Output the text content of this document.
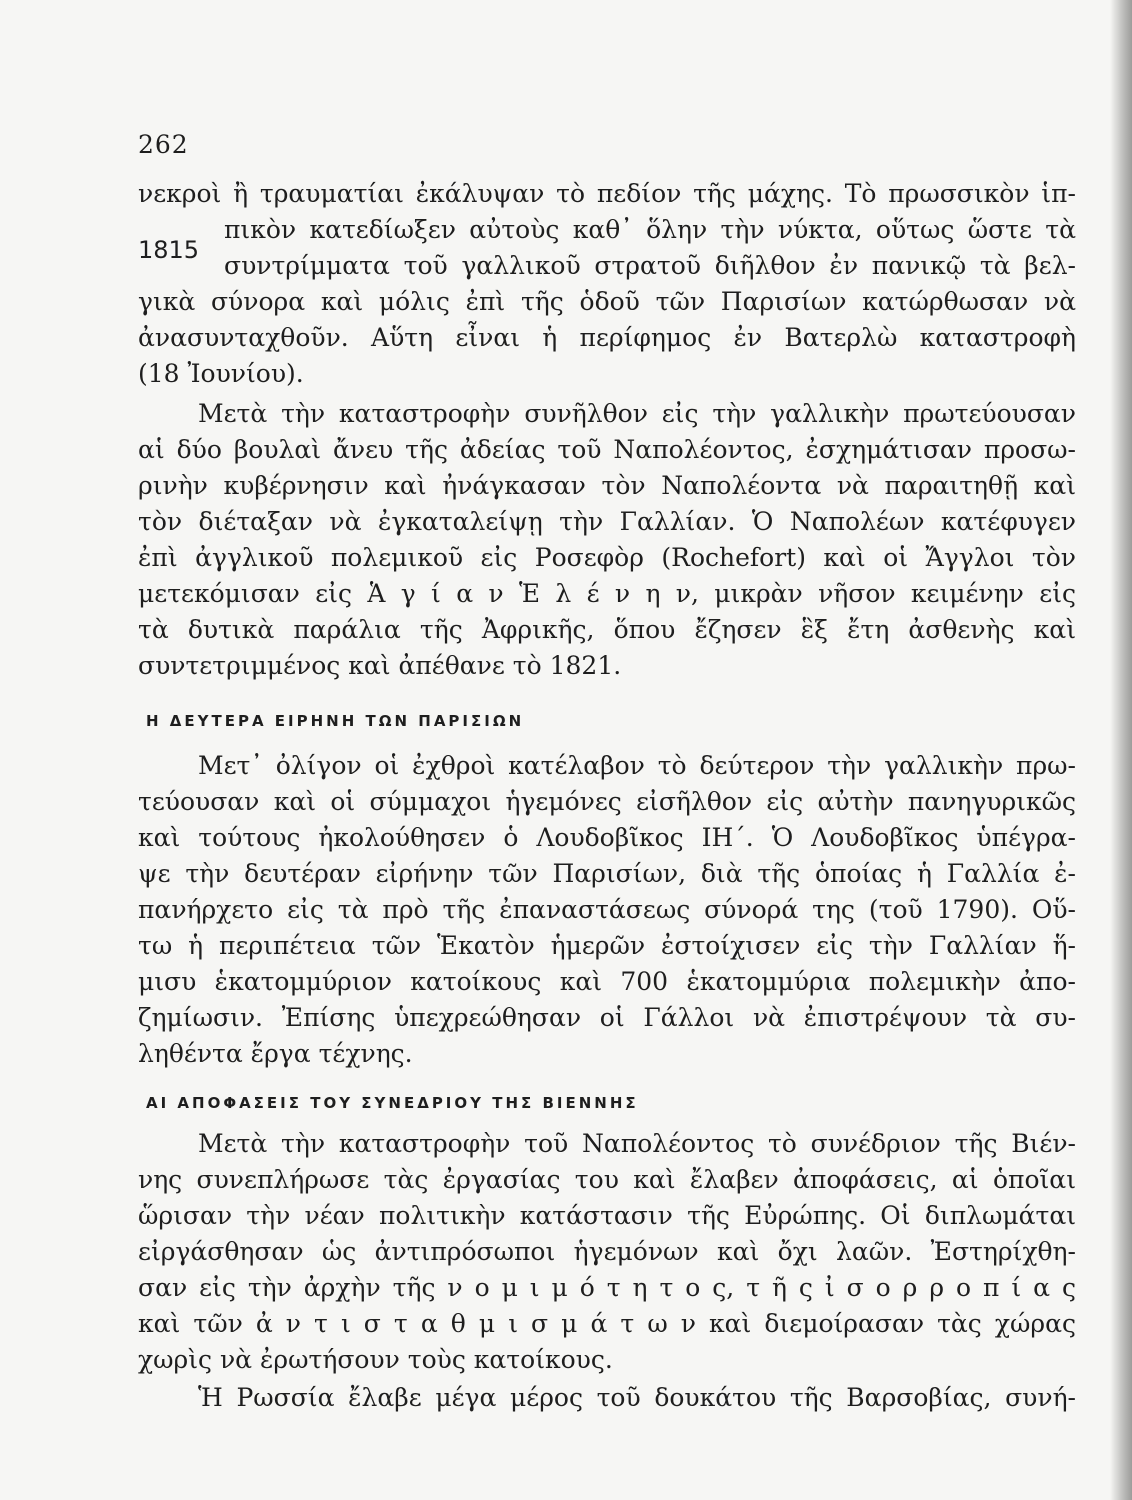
262
1815
νεκροὶ ἢ τραυματίαι ἐκάλυψαν τὸ πεδίον τῆς μάχης. Τὸ πρωσσικὸν ἱπ-
πικὸν κατεδίωξεν αὐτοὺς καθ᾽ ὅλην τὴν νύκτα, οὕτως ὥστε τὰ
συντρίμματα τοῦ γαλλικοῦ στρατοῦ διῆλθον ἐν πανικῷ τὰ βελ-
γικὰ σύνορα καὶ μόλις ἐπὶ τῆς ὁδοῦ τῶν Παρισίων κατώρθωσαν νὰ
ἀνασυνταχθοῦν. Αὕτη εἶναι ἡ περίφημος ἐν Βατερλὼ καταστροφὴ
(18 Ἰουνίου).
Μετὰ τὴν καταστροφὴν συνῆλθον εἰς τὴν γαλλικὴν πρωτεύουσαν
αἱ δύο βουλαὶ ἄνευ τῆς ἀδείας τοῦ Ναπολέοντος, ἐσχημάτισαν προσω-
ρινὴν κυβέρνησιν καὶ ἠνάγκασαν τὸν Ναπολέοντα νὰ παραιτηθῇ καὶ
τὸν διέταξαν νὰ ἐγκαταλείψῃ τὴν Γαλλίαν. Ὁ Ναπολέων κατέφυγεν
ἐπὶ ἀγγλικοῦ πολεμικοῦ εἰς Ροσεφὸρ (Rochefort) καὶ οἱ Ἄγγλοι τὸν
μετεκόμισαν εἰς Ἁ γ ί α ν Ἑ λ έ ν η ν, μικρὰν νῆσον κειμένην εἰς
τὰ δυτικὰ παράλια τῆς Ἀφρικῆς, ὅπου ἔζησεν ἓξ ἔτη ἀσθενὴς καὶ
συντετριμμένος καὶ ἀπέθανε τὸ 1821.
Η ΔΕΥΤΕΡΑ ΕΙΡΗΝΗ ΤΩΝ ΠΑΡΙΣΙΩΝ
Μετ᾽ ὀλίγον οἱ ἐχθροὶ κατέλαβον τὸ δεύτερον τὴν γαλλικὴν πρω-
τεύουσαν καὶ οἱ σύμμαχοι ἡγεμόνες εἰσῆλθον εἰς αὐτὴν πανηγυρικῶς
καὶ τούτους ἠκολούθησεν ὁ Λουδοβῖκος ΙΗ΄. Ὁ Λουδοβῖκος ὑπέγρα-
ψε τὴν δευτέραν εἰρήνην τῶν Παρισίων, διὰ τῆς ὁποίας ἡ Γαλλία ἐ-
πανήρχετο εἰς τὰ πρὸ τῆς ἐπαναστάσεως σύνορά της (τοῦ 1790). Οὕ-
τω ἡ περιπέτεια τῶν Ἑκατὸν ἡμερῶν ἐστοίχισεν εἰς τὴν Γαλλίαν ἥ-
μισυ ἑκατομμύριον κατοίκους καὶ 700 ἑκατομμύρια πολεμικὴν ἀπο-
ζημίωσιν. Ἐπίσης ὑπεχρεώθησαν οἱ Γάλλοι νὰ ἐπιστρέψουν τὰ συ-
ληθέντα ἔργα τέχνης.
ΑΙ ΑΠΟΦΑΣΕΙΣ ΤΟΥ ΣΥΝΕΔΡΙΟΥ ΤΗΣ ΒΙΕΝΝΗΣ
Μετὰ τὴν καταστροφὴν τοῦ Ναπολέοντος τὸ συνέδριον τῆς Βιέν-
νης συνεπλήρωσε τὰς ἐργασίας του καὶ ἔλαβεν ἀποφάσεις, αἱ ὁποῖαι
ὥρισαν τὴν νέαν πολιτικὴν κατάστασιν τῆς Εὐρώπης. Οἱ διπλωμάται
εἰργάσθησαν ὡς ἀντιπρόσωποι ἡγεμόνων καὶ ὄχι λαῶν. Ἐστηρίχθη-
σαν εἰς τὴν ἀρχὴν τῆς ν ο μ ι μ ό τ η τ ο ς, τ ῆ ς ἰ σ ο ρ ρ ο π ί α ς
καὶ τῶν ἀ ν τ ι σ τ α θ μ ι σ μ ά τ ω ν καὶ διεμοίρασαν τὰς χώρας
χωρὶς νὰ ἐρωτήσουν τοὺς κατοίκους.
Ἡ Ρωσσία ἔλαβε μέγα μέρος τοῦ δουκάτου τῆς Βαρσοβίας, συνή-
